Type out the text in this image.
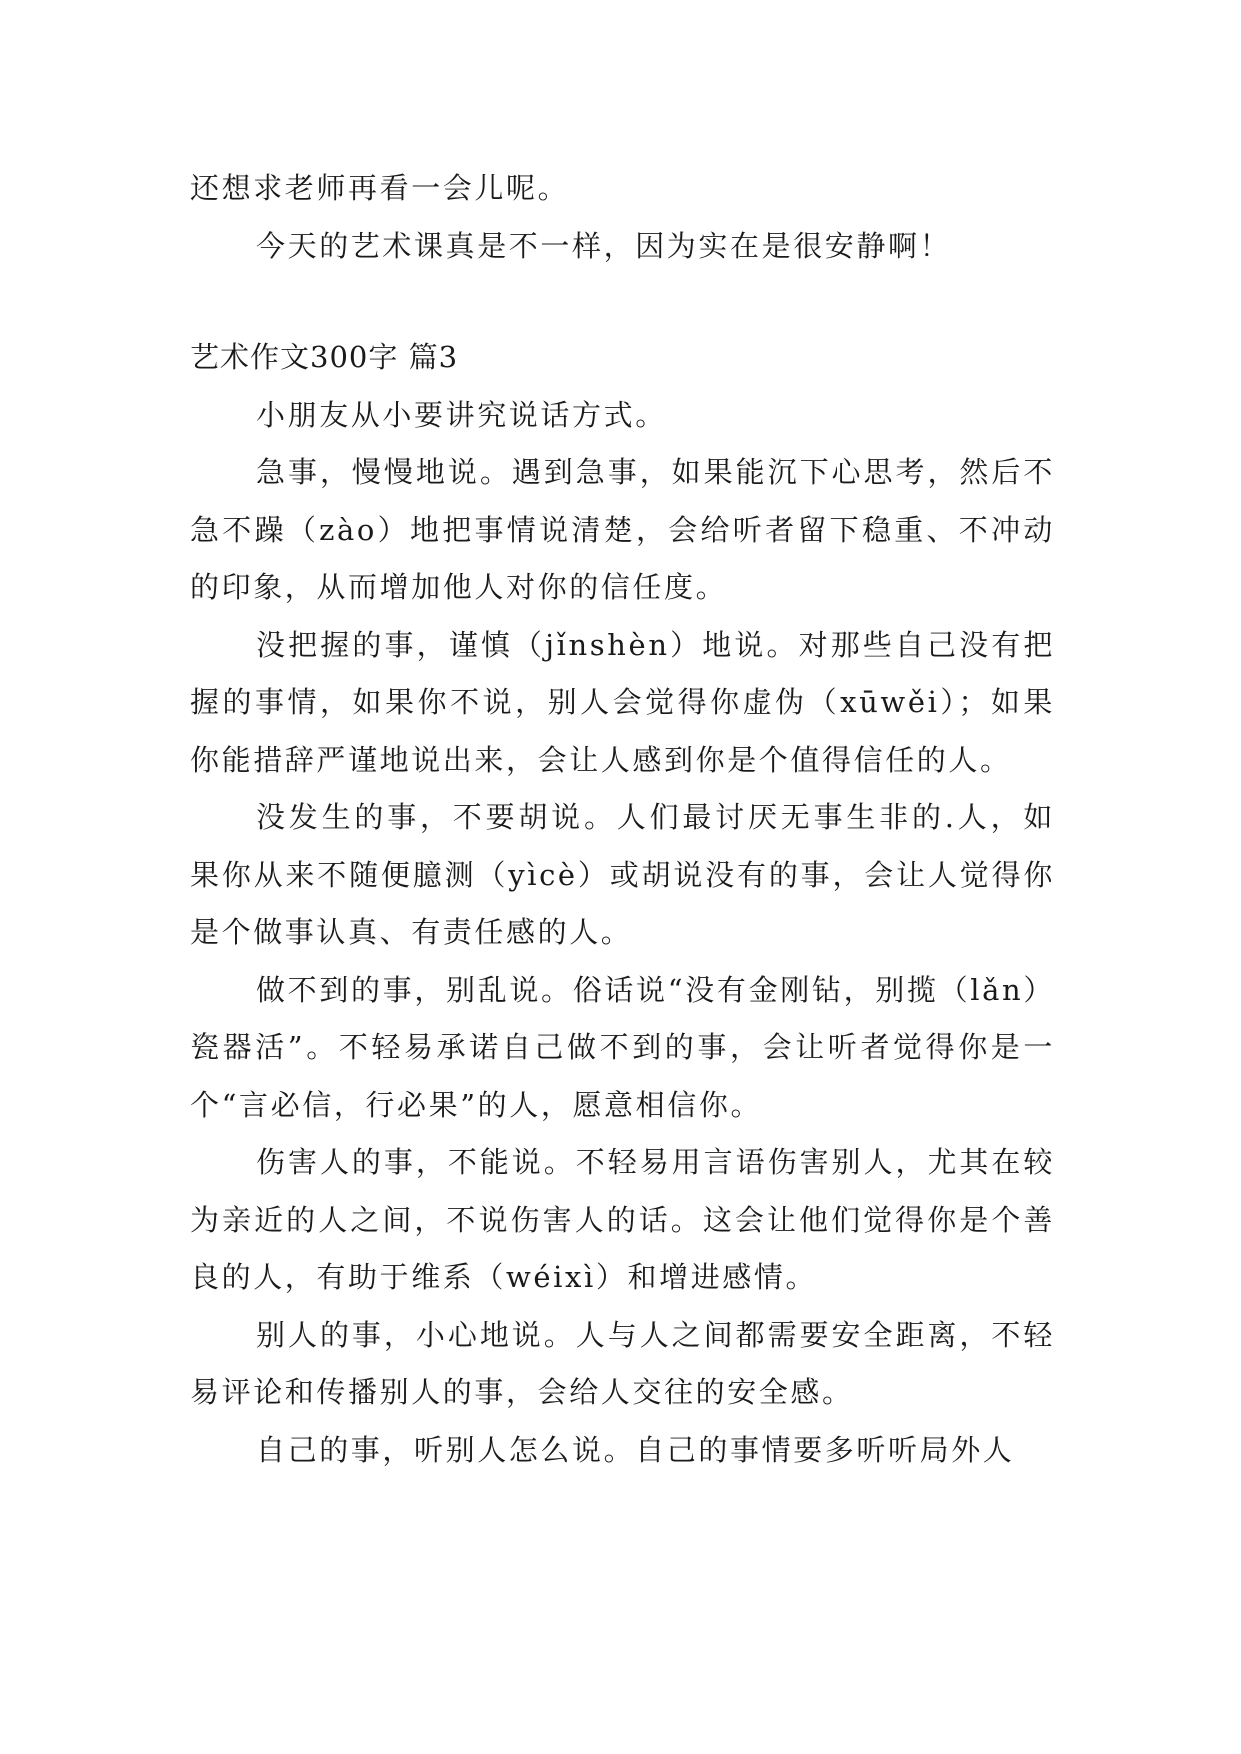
还想求老师再看一会儿呢。

今天的艺术课真是不一样，因为实在是很安静啊！

艺术作文300字 篇3

小朋友从小要讲究说话方式。

急事，慢慢地说。遇到急事，如果能沉下心思考，然后不急不躁（zào）地把事情说清楚，会给听者留下稳重、不冲动的印象，从而增加他人对你的信任度。

没把握的事，谨慎（jǐnshèn）地说。对那些自己没有把握的事情，如果你不说，别人会觉得你虚伪（xūwěi）；如果你能措辞严谨地说出来，会让人感到你是个值得信任的人。

没发生的事，不要胡说。人们最讨厌无事生非的.人，如果你从来不随便臆测（yìcè）或胡说没有的事，会让人觉得你是个做事认真、有责任感的人。

做不到的事，别乱说。俗话说“没有金刚钻，别揽（lǎn）瓷器活”。不轻易承诺自己做不到的事，会让听者觉得你是一个“言必信，行必果”的人，愿意相信你。

伤害人的事，不能说。不轻易用言语伤害别人，尤其在较为亲近的人之间，不说伤害人的话。这会让他们觉得你是个善良的人，有助于维系（wéixì）和增进感情。

别人的事，小心地说。人与人之间都需要安全距离，不轻易评论和传播别人的事，会给人交往的安全感。

自己的事，听别人怎么说。自己的事情要多听听局外人
